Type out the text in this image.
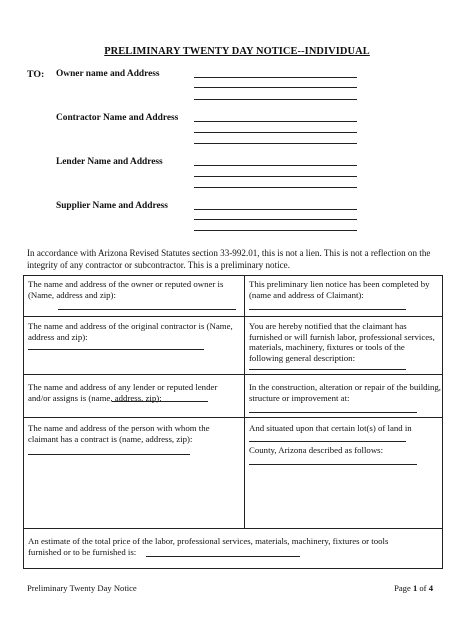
PRELIMINARY TWENTY DAY NOTICE--INDIVIDUAL
TO: Owner name and Address
Contractor Name and Address
Lender Name and Address
Supplier Name and Address
In accordance with Arizona Revised Statutes section 33-992.01, this is not a lien. This is not a reflection on the integrity of any contractor or subcontractor. This is a preliminary notice.
The name and address of the owner or reputed owner is (Name, address and zip):
The name and address of the original contractor is (Name, address and zip):
The name and address of any lender or reputed lender and/or assigns is (name, address, zip):
The name and address of the person with whom the claimant has a contract is (name, address, zip):
This preliminary lien notice has been completed by (name and address of Claimant):
You are hereby notified that the claimant has furnished or will furnish labor, professional services, materials, machinery, fixtures or tools of the following general description:
In the construction, alteration or repair of the building, structure or improvement at:
And situated upon that certain lot(s) of land in
County, Arizona described as follows:
An estimate of the total price of the labor, professional services, materials, machinery, fixtures or tools
furnished or to be furnished is:
Preliminary Twenty Day Notice	Page 1 of 4
